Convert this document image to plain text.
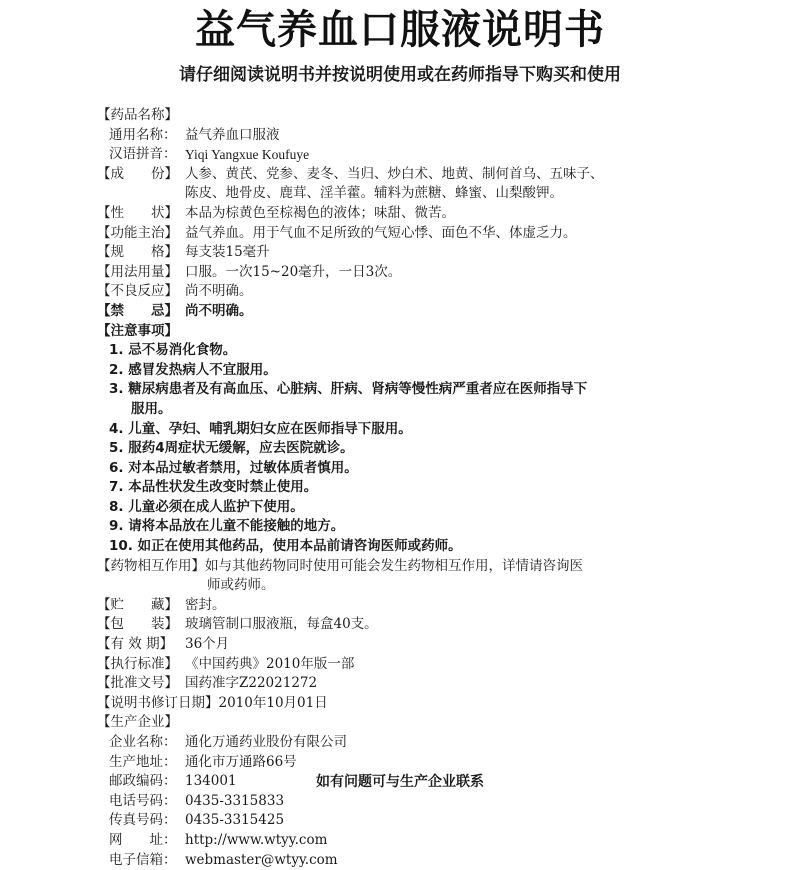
益气养血口服液说明书
请仔细阅读说明书并按说明使用或在药师指导下购买和使用
【药品名称】
通用名称： 益气养血口服液
汉语拼音： Yiqi Yangxue Koufuye
【成　　份】 人参、黄芪、党参、麦冬、当归、炒白术、地黄、制何首乌、五味子、
陈皮、地骨皮、鹿茸、淫羊藿。辅料为蔗糖、蜂蜜、山梨酸钾。
【性　　状】 本品为棕黄色至棕褐色的液体；味甜、微苦。
【功能主治】 益气养血。用于气血不足所致的气短心悸、面色不华、体虚乏力。
【规　　格】 每支装15毫升
【用法用量】 口服。一次15~20毫升，一日3次。
【不良反应】 尚不明确。
【禁　　忌】 尚不明确。
【注意事项】
1. 忌不易消化食物。
2. 感冒发热病人不宜服用。
3. 糖尿病患者及有高血压、心脏病、肝病、肾病等慢性病严重者应在医师指导下
服用。
4. 儿童、孕妇、哺乳期妇女应在医师指导下服用。
5. 服药4周症状无缓解，应去医院就诊。
6. 对本品过敏者禁用，过敏体质者慎用。
7. 本品性状发生改变时禁止使用。
8. 儿童必须在成人监护下使用。
9. 请将本品放在儿童不能接触的地方。
10. 如正在使用其他药品，使用本品前请咨询医师或药师。
【药物相互作用】 如与其他药物同时使用可能会发生药物相互作用，详情请咨询医
师或药师。
【贮　　藏】 密封。
【包　　装】 玻璃管制口服液瓶，每盒40支。
【有 效 期】 36个月
【执行标准】 《中国药典》2010年版一部
【批准文号】 国药准字Z22021272
【说明书修订日期】 2010年10月01日
【生产企业】
企业名称： 通化万通药业股份有限公司
生产地址： 通化市万通路66号
邮政编码： 134001
电话号码： 0435-3315833
传真号码： 0435-3315425
网　　址： http://www.wtyy.com
电子信箱： webmaster@wtyy.com
如有问题可与生产企业联系
